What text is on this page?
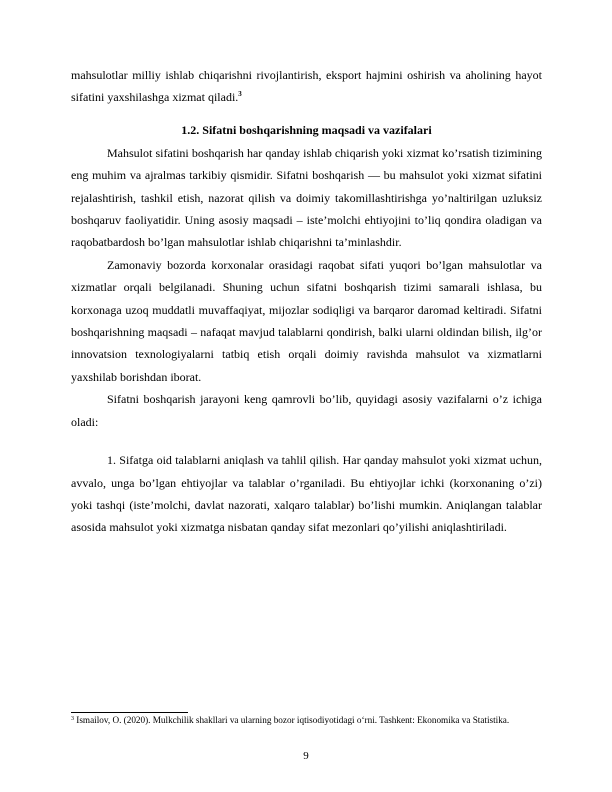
mahsulotlar milliy ishlab chiqarishni rivojlantirish, eksport hajmini oshirish va aholining hayot sifatini yaxshilashga xizmat qiladi.$^3$

1.2. Sifatni boshqarishning maqsadi va vazifalari

Mahsulot sifatini boshqarish har qanday ishlab chiqarish yoki xizmat ko’rsatish tizimining eng muhim va ajralmas tarkibiy qismidir. Sifatni boshqarish — bu mahsulot yoki xizmat sifatini rejalashtirish, tashkil etish, nazorat qilish va doimiy takomillashtirishga yo’naltirilgan uzluksiz boshqaruv faoliyatidir. Uning asosiy maqsadi – iste’molchi ehtiyojini to’liq qondira oladigan va raqobatbardosh bo’lgan mahsulotlar ishlab chiqarishni ta’minlashdir.

Zamonaviy bozorda korxonalar orasidagi raqobat sifati yuqori bo’lgan mahsulotlar va xizmatlar orqali belgilanadi. Shuning uchun sifatni boshqarish tizimi samarali ishlasa, bu korxonaga uzoq muddatli muvaffaqiyat, mijozlar sodiqligi va barqaror daromad keltiradi. Sifatni boshqarishning maqsadi – nafaqat mavjud talablarni qondirish, balki ularni oldindan bilish, ilg’or innovatsion texnologiyalarni tatbiq etish orqali doimiy ravishda mahsulot va xizmatlarni yaxshilab borishdan iborat.

Sifatni boshqarish jarayoni keng qamrovli bo’lib, quyidagi asosiy vazifalarni o’z ichiga oladi:

1. Sifatga oid talablarni aniqlash va tahlil qilish. Har qanday mahsulot yoki xizmat uchun, avvalo, unga bo’lgan ehtiyojlar va talablar o’rganiladi. Bu ehtiyojlar ichki (korxonaning o’zi) yoki tashqi (iste’molchi, davlat nazorati, xalqaro talablar) bo’lishi mumkin. Aniqlangan talablar asosida mahsulot yoki xizmatga nisbatan qanday sifat mezonlari qo’yilishi aniqlashtiriladi.

$^3$ Ismailov, O. (2020). Mulkchilik shakllari va ularning bozor iqtisodiyotidagi o‘rni. Tashkent: Ekonomika va Statistika.

9
